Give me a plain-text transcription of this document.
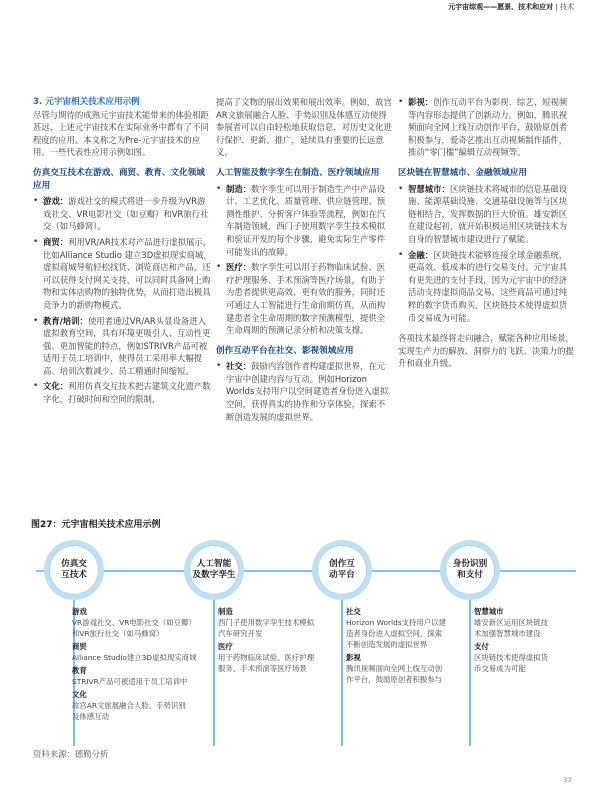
元宇宙综观——愿景、技术和应对 | 技术
3. 元宇宙相关技术应用示例

尽管与期待的成熟元宇宙技术能带来的体验相距甚远，上述元宇宙技术在实际业务中都有了不同程度的应用。本文称之为Pre-元宇宙技术的应用。一些代表性应用示例如图。

仿真交互技术在游戏、商贸、教育、文化领域应用
• 游戏：游戏社交的模式将进一步升级为VR游戏社交、VR电影社交（如豆瓣）和VR旅行社交（如马蜂窝）。
• 商贸：利用VR/AR技术对产品进行虚拟展示，比如Alliance Studio 建立3D虚拟现实商城，虚拟商城导航轻松找货、浏览商店和产品。还可以获得支付网关支持，可以同时具备网上购物和实体店购物的独特优势，从而打造出极具竞争力的新购物模式。
• 教育/培训：使用者通过VR/AR头显设备进入虚拟教育空间，具有环境更吸引人、互动性更强、更加智能的特点，例如STRIVR产品可被适用于员工培训中，使得员工采用率大幅提高、培训次数减少、员工精通时间缩短。
• 文化：利用仿真交互技术把古建筑文化遗产数字化，打破时间和空间的限制，

提高了文物的展出效果和展出效率。例如，故宫AR文旅展融合人脸、手势识别及体感互动使得参展者可以自由轻松地获取信息，对历史文化进行保护、更新、推广，延续具有重要的长远意义。

人工智能及数字孪生在制造、医疗领域应用
• 制造：数字孪生可以用于制造生产中产品设计、工艺优化、质量管理、供应链管理、预测性维护、分析客户体验等流程，例如在汽车制造领域，西门子使用数字孪生技术模拟和验证开发的每个步骤，避免实际生产零件可能发出的故障。
• 医疗：数字孪生可以用于药物临床试验、医疗护理服务、手术预演等医疗场景，有助于为患者提供更高效、更有效的服务，同时还可通过人工智能进行生命前期仿真，从而构建患者全生命周期的数字预测模型，提供全生命周期的预测记录分析和决策支撑。
创作互动平台在社交、影视领域应用
• 社交：鼓励内容创作者构建虚拟世界，在元宇宙中创建内容与互动。例如Horizon Worlds支持用户以空间建造者身份进入虚拟空间，获得真实的协作和分享体验，探索不断创造发展的虚拟世界。
• 影视：创作互动平台为影视、综艺、短视频等内容形态提供了创新动力。例如，腾讯视频面向全网上线互动创作平台，鼓励原创者积极参与，爱奇艺推出互动视频制作插件，推动“零门槛”编辑互动视频等。
区块链在智慧城市、金融领域应用
• 智慧城市：区块链技术将城市的信息基础设施、能源基础设施、交通基础设施等与区块链相结合，发挥数据的巨大价值。雄安新区在建设起初，就开始积极运用区块链技术为自身的智慧城市建设进行了赋能。
• 金融：区块链技术能够连接全球金融系统，更高效、低成本的进行交易支付。元宇宙具有更先进的支付手段，因为元宇宙中的经济活动支持虚拟商品交易，这些商品可通过纯粹的数字货币购买，区块链技术使得虚拟货币交易成为可能。

各项技术最终将走向融合，赋能各种应用场景，实现生产力的解放、洞察力的飞跃、决策力的提升和商业升级。

图27：元宇宙相关技术应用示例
仿真交
互技术
游戏
VR游戏社交、VR电影社交（如豆瓣）
和VR旅行社交（如马蜂窝）
商贸
Alliance Studio建立3D虚拟现实商城
教育
STRIVR产品可被适用于员工培训中
文化
故宫AR文旅展融合人脸、手势识别
及体感互动
人工智能
及数字孪生
制造
西门子使用数字孪生技术模拟
汽车研究开发
医疗
用于药物临床试验、医疗护理
服务、手术预演等医疗场景
创作互
动平台
社交
Horizon Worlds支持用户以建
造者身份进入虚拟空间，探索
不断创造发展的虚拟世界
影视
腾讯视频面向全网上线互动创
作平台，鼓励原创者积极参与
身份识别
和支付
智慧城市
雄安新区运用区块链技
术加强智慧城市建设
支付
区块链技术使得虚拟货
币交易成为可能
资料来源：德勤分析
33
